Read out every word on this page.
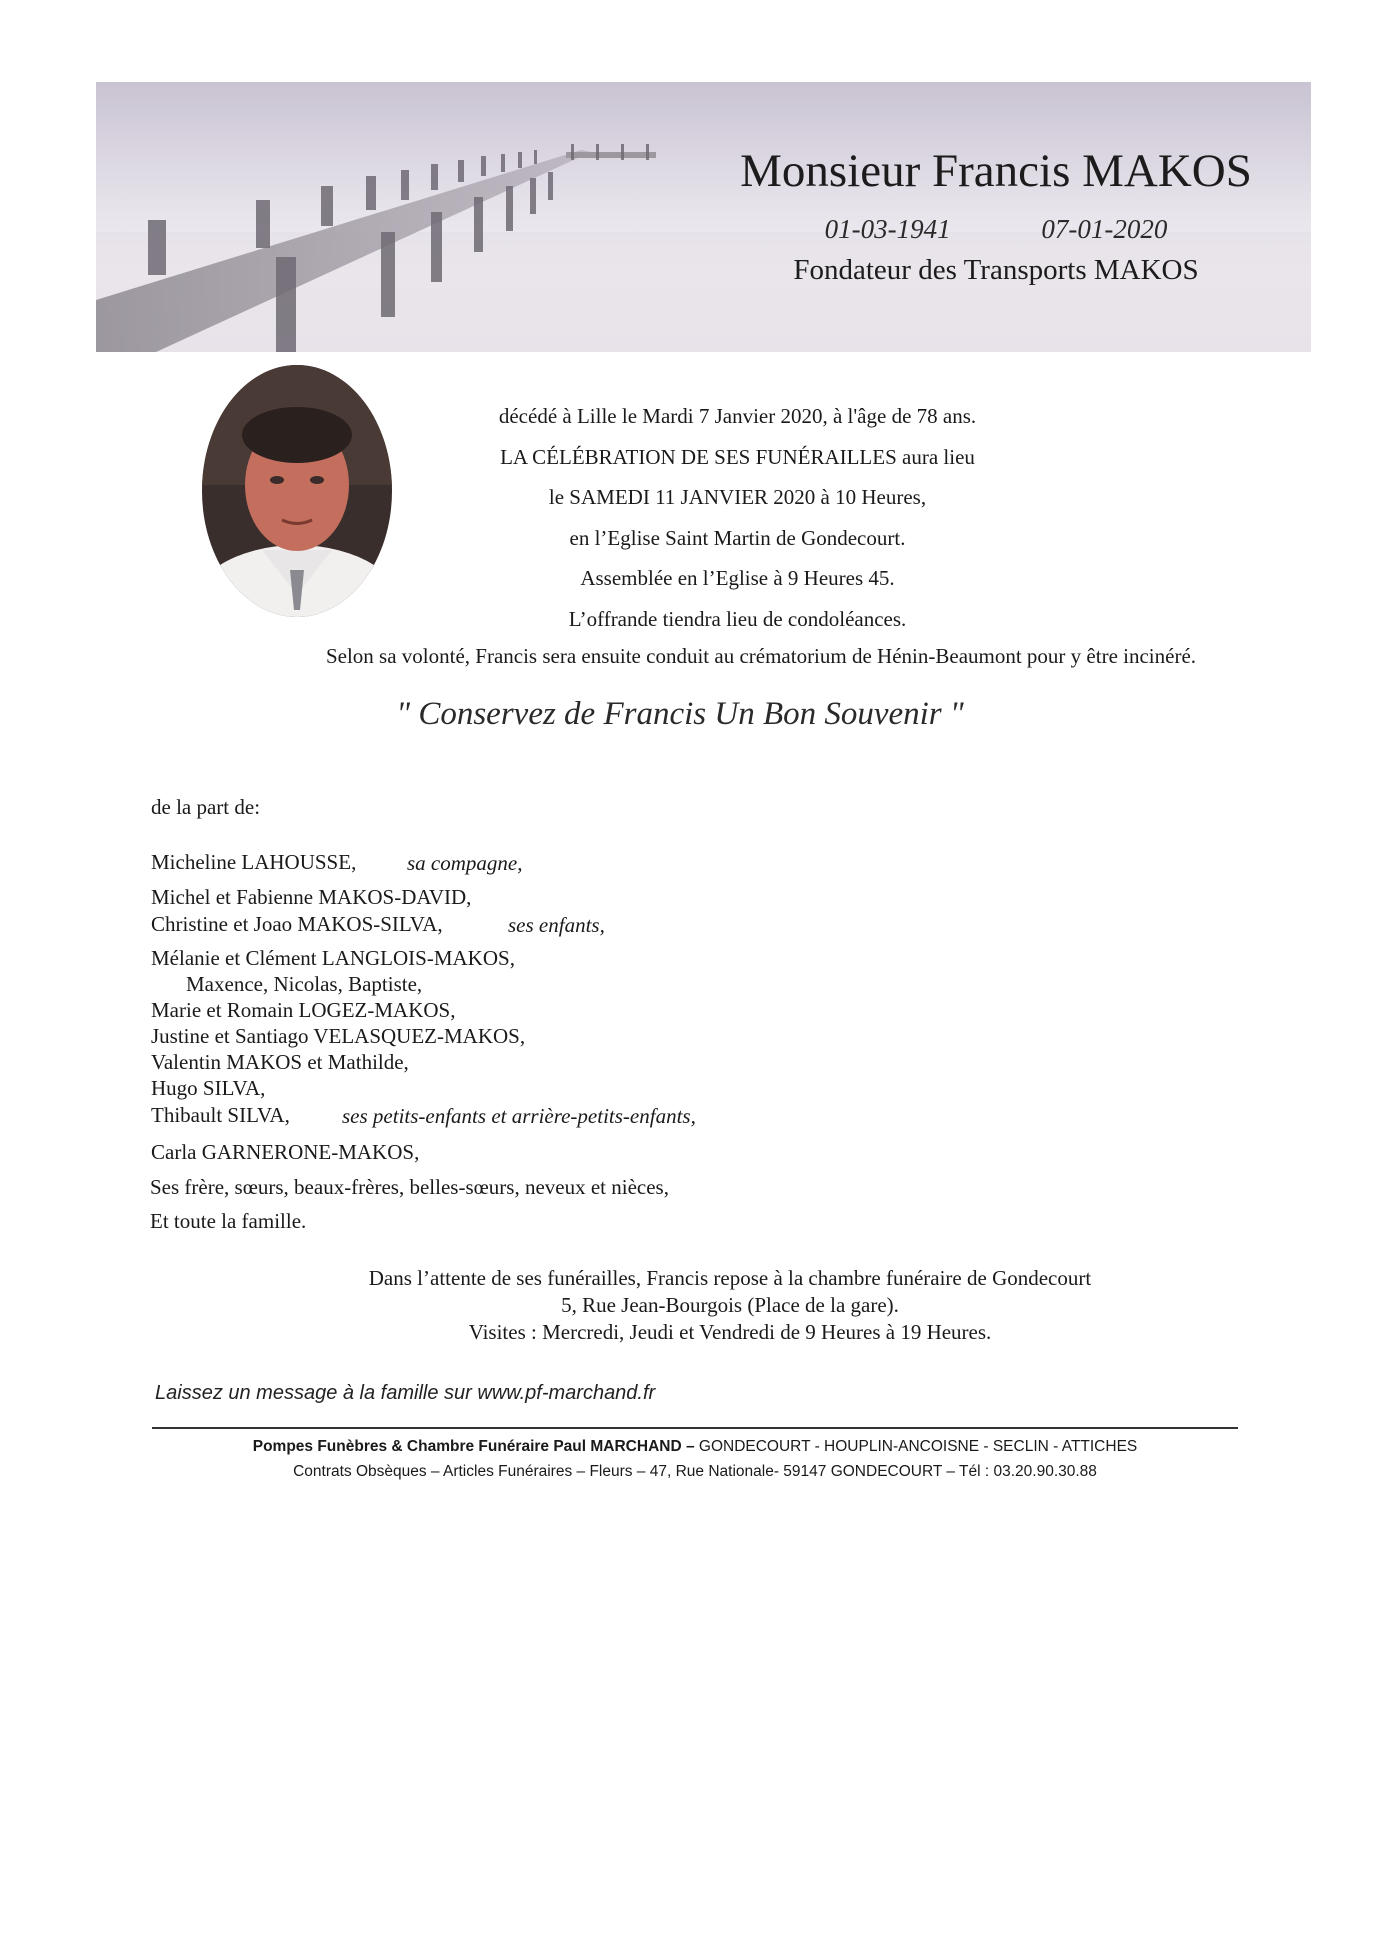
Monsieur Francis MAKOS
01-03-1941	07-01-2020
Fondateur des Transports MAKOS
décédé à Lille le Mardi 7 Janvier 2020, à l'âge de 78 ans.
LA CÉLÉBRATION DE SES FUNÉRAILLES aura lieu
le SAMEDI 11 JANVIER 2020 à 10 Heures,
en l’Eglise Saint Martin de Gondecourt.
Assemblée en l’Eglise à 9 Heures 45.
L’offrande tiendra lieu de condoléances.
Selon sa volonté, Francis sera ensuite conduit au crématorium de Hénin-Beaumont pour y être incinéré.
" Conservez de Francis Un Bon Souvenir "
de la part de:
Micheline LAHOUSSE, sa compagne,
Michel et Fabienne MAKOS-DAVID,
Christine et Joao MAKOS-SILVA,	ses enfants,
Mélanie et Clément LANGLOIS-MAKOS,
Maxence, Nicolas, Baptiste,
Marie et Romain LOGEZ-MAKOS,
Justine et Santiago VELASQUEZ-MAKOS,
Valentin MAKOS et Mathilde,
Hugo SILVA,
Thibault SILVA, ses petits-enfants et arrière-petits-enfants,
Carla GARNERONE-MAKOS,
Ses frère, sœurs, beaux-frères, belles-sœurs, neveux et nièces,
Et toute la famille.
Dans l’attente de ses funérailles, Francis repose à la chambre funéraire de Gondecourt
5, Rue Jean-Bourgois (Place de la gare).
Visites : Mercredi, Jeudi et Vendredi de 9 Heures à 19 Heures.
Laissez un message à la famille sur www.pf-marchand.fr
Pompes Funèbres & Chambre Funéraire Paul MARCHAND – GONDECOURT - HOUPLIN-ANCOISNE - SECLIN - ATTICHES
Contrats Obsèques – Articles Funéraires – Fleurs – 47, Rue Nationale- 59147 GONDECOURT – Tél : 03.20.90.30.88
